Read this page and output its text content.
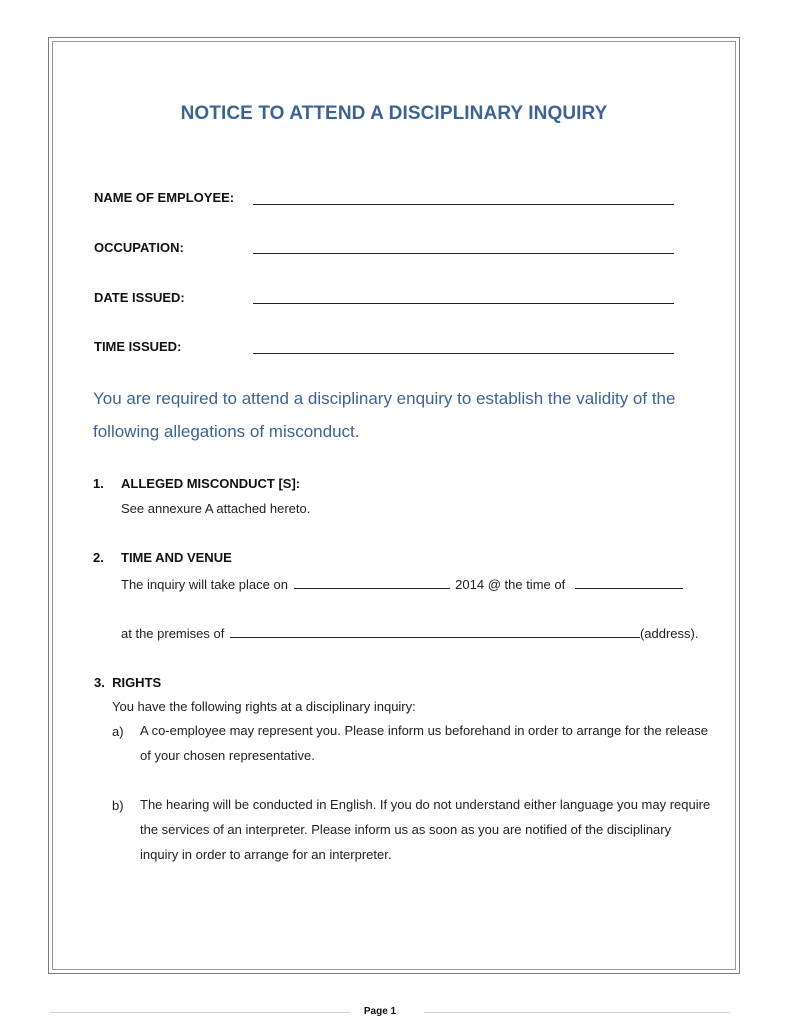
NOTICE TO ATTEND A DISCIPLINARY INQUIRY
NAME OF EMPLOYEE:
OCCUPATION:
DATE ISSUED:
TIME ISSUED:

You are required to attend a disciplinary enquiry to establish the validity of the following allegations of misconduct.

1. ALLEGED MISCONDUCT [S]:
See annexure A attached hereto.
2. TIME AND VENUE
The inquiry will take place on	2014 @ the time of
at the premises of	(address).
3.  RIGHTS
You have the following rights at a disciplinary inquiry:
a) A co-employee may represent you. Please inform us beforehand in order to arrange for the release of your chosen representative.

b) The hearing will be conducted in English. If you do not understand either language you may require the services of an interpreter. Please inform us as soon as you are notified of the disciplinary inquiry in order to arrange for an interpreter.

Page 1
